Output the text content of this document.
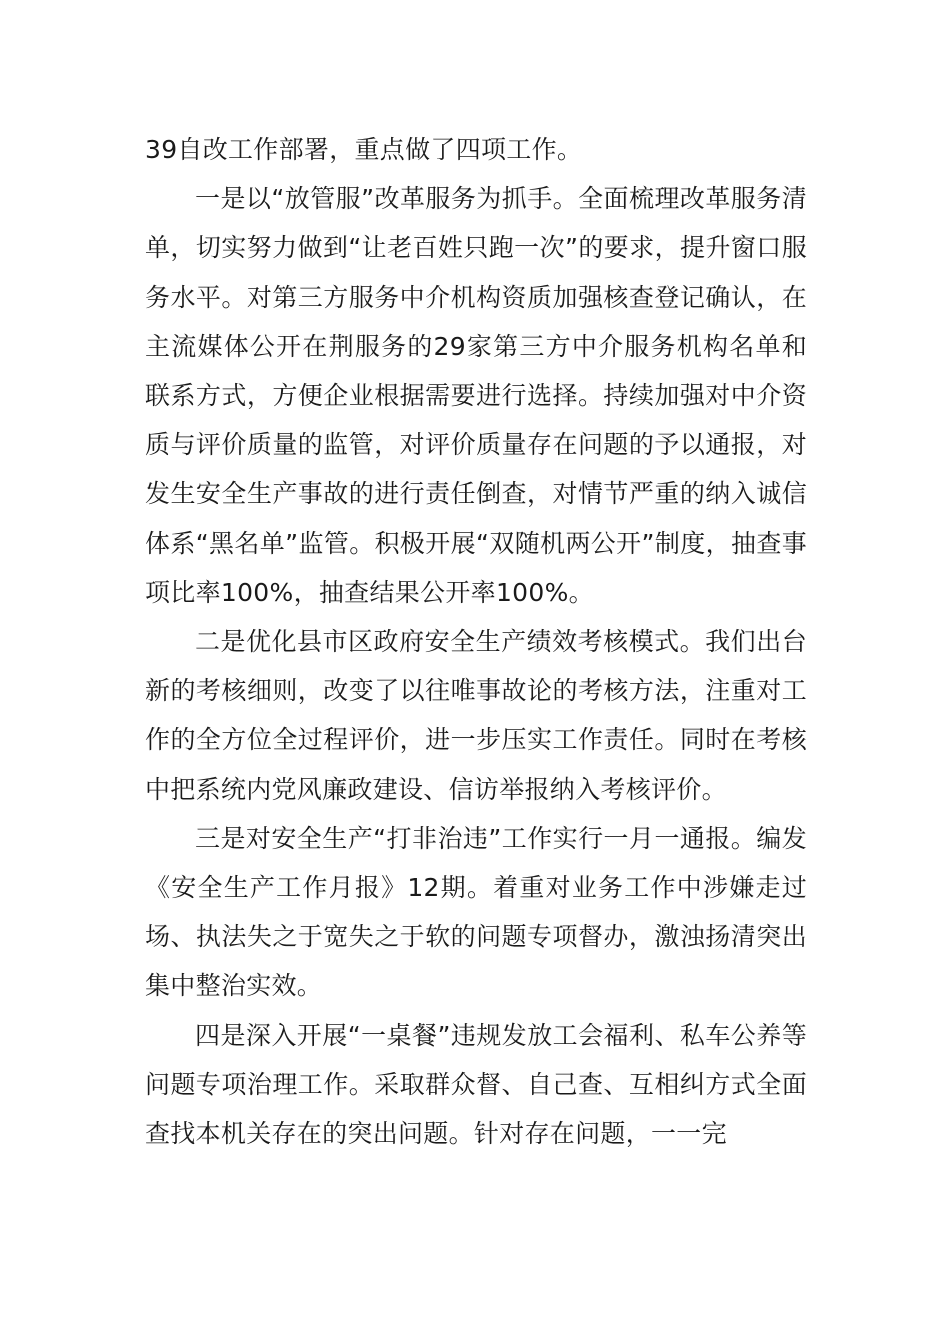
39自改工作部署，重点做了四项工作。

一是以“放管服”改革服务为抓手。全面梳理改革服务清单，切实努力做到“让老百姓只跑一次”的要求，提升窗口服务水平。对第三方服务中介机构资质加强核查登记确认，在主流媒体公开在荆服务的29家第三方中介服务机构名单和联系方式，方便企业根据需要进行选择。持续加强对中介资质与评价质量的监管，对评价质量存在问题的予以通报，对发生安全生产事故的进行责任倒查，对情节严重的纳入诚信体系“黑名单”监管。积极开展“双随机两公开”制度，抽查事项比率100%，抽查结果公开率100%。

二是优化县市区政府安全生产绩效考核模式。我们出台新的考核细则，改变了以往唯事故论的考核方法，注重对工作的全方位全过程评价，进一步压实工作责任。同时在考核中把系统内党风廉政建设、信访举报纳入考核评价。

三是对安全生产“打非治违”工作实行一月一通报。编发《安全生产工作月报》12期。着重对业务工作中涉嫌走过场、执法失之于宽失之于软的问题专项督办，激浊扬清突出集中整治实效。

四是深入开展“一桌餐”违规发放工会福利、私车公养等问题专项治理工作。采取群众督、自己查、互相纠方式全面查找本机关存在的突出问题。针对存在问题，一一完
